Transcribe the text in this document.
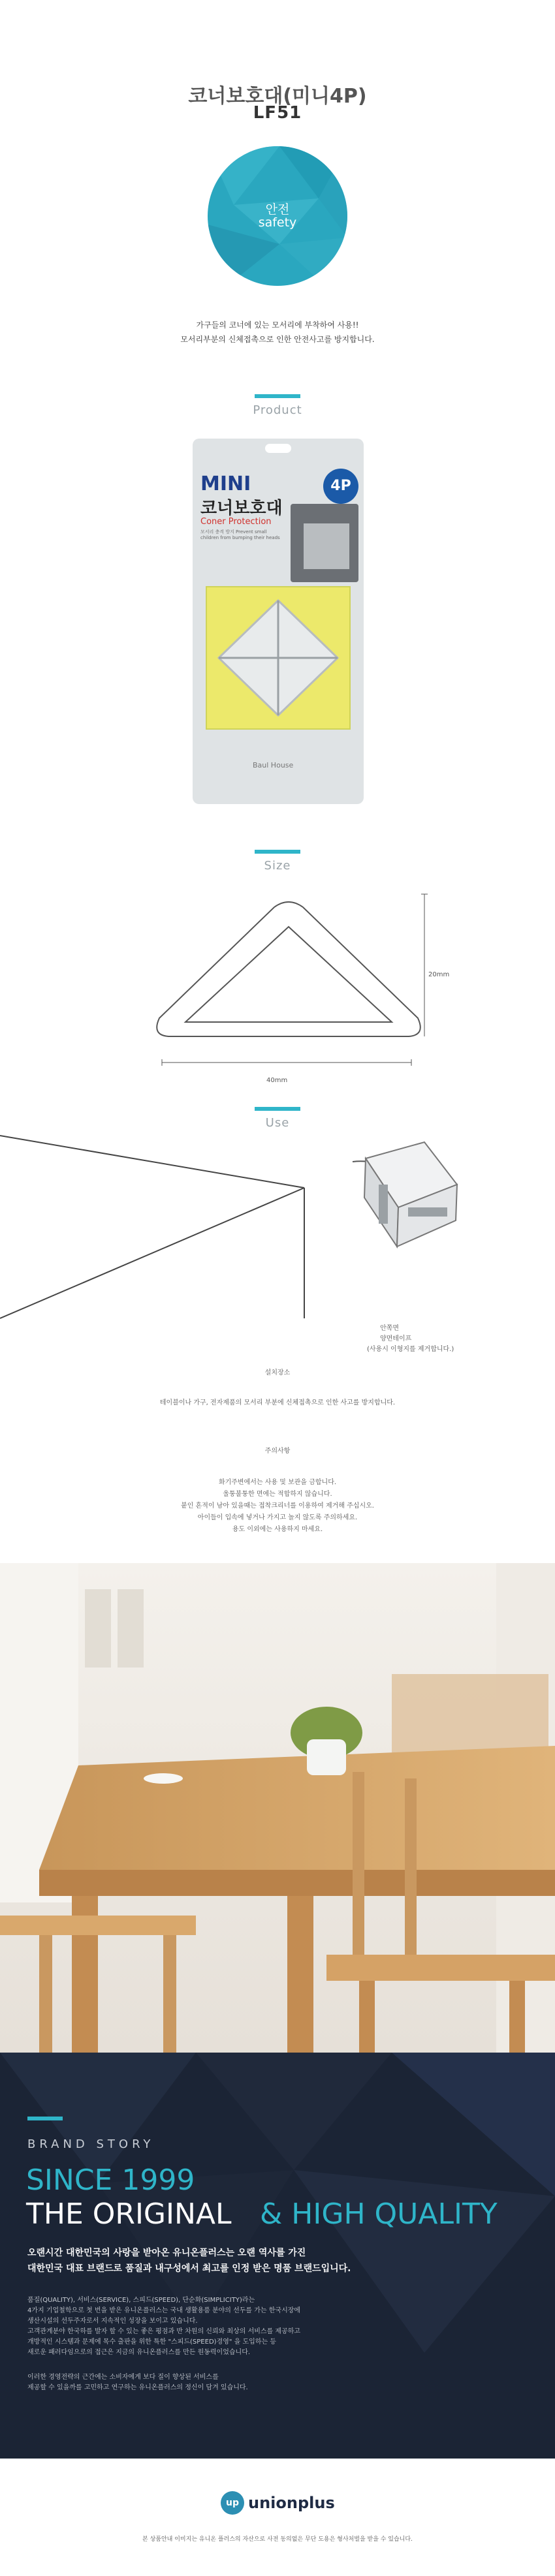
코너보호대(미니4P)
LF51
안전
safety
가구들의 코너에 있는 모서리에 부착하여 사용!!
모서리부분의 신체접촉으로 인한 안전사고를 방지합니다.
Product
MINI
코너보호대
Coner Protection
모서리 충격 방지 Prevent small children from bumping their heads
4P
Baul House
Size
20mm
40mm
Use
안쪽면
양면테이프
(사용시 이형지를 제거합니다.)
설치장소
테이블이나 가구, 전자제품의 모서리 부분에 신체접촉으로 인한 사고를 방지합니다.
주의사항
화기주변에서는 사용 및 보관을 금합니다.
울퉁불퉁한 면에는 적합하지 않습니다.
붙인 흔적이 남아 있을때는 접착크리너를 이용하여 제거해 주십시오.
아이들이 입속에 넣거나 가지고 놀지 않도록 주의하세요.
용도 이외에는 사용하지 마세요.
BRAND STORY
SINCE 1999
THE ORIGINAL & HIGH QUALITY
오랜시간 대한민국의 사랑을 받아온 유니온플러스는 오랜 역사를 가진
대한민국 대표 브랜드로 품질과 내구성에서 최고를 인정 받은 명품 브랜드입니다.
품질(QUALITY), 서비스(SERVICE), 스피드(SPEED), 단순화(SIMPLICITY)라는
4가지 기업철학으로 첫 번을 받은 유니온플러스는 국내 생활용품 분야의 선두를 가는 한국시장에
생산시설의 선두주자로서 지속적인 성장을 보이고 있습니다.
고객관계분야 한국하를 발자 할 수 있는 좋은 평점과 반 차원의 신뢰와 최상의 서비스를 제공하고
개방적인 시스템과 문제에 목수 출판을 위한 특한 "스피드(SPEED)경영" 을 도입하는 등
새로운 패러다임으로의 접근은 지금의 유니온플러스를 만든 원동력이었습니다.
이러한 경영전략의 근간에는 소비자에게 보다 질이 향상된 서비스를
제공할 수 있을까를 고민하고 연구하는 유니온플러스의 정신이 담겨 있습니다.
up unionplus
본 상품안내 이미지는 유니온 플러스의 자산으로 사전 동의없은 무단 도용은 형사처벌을 받을 수 있습니다.
